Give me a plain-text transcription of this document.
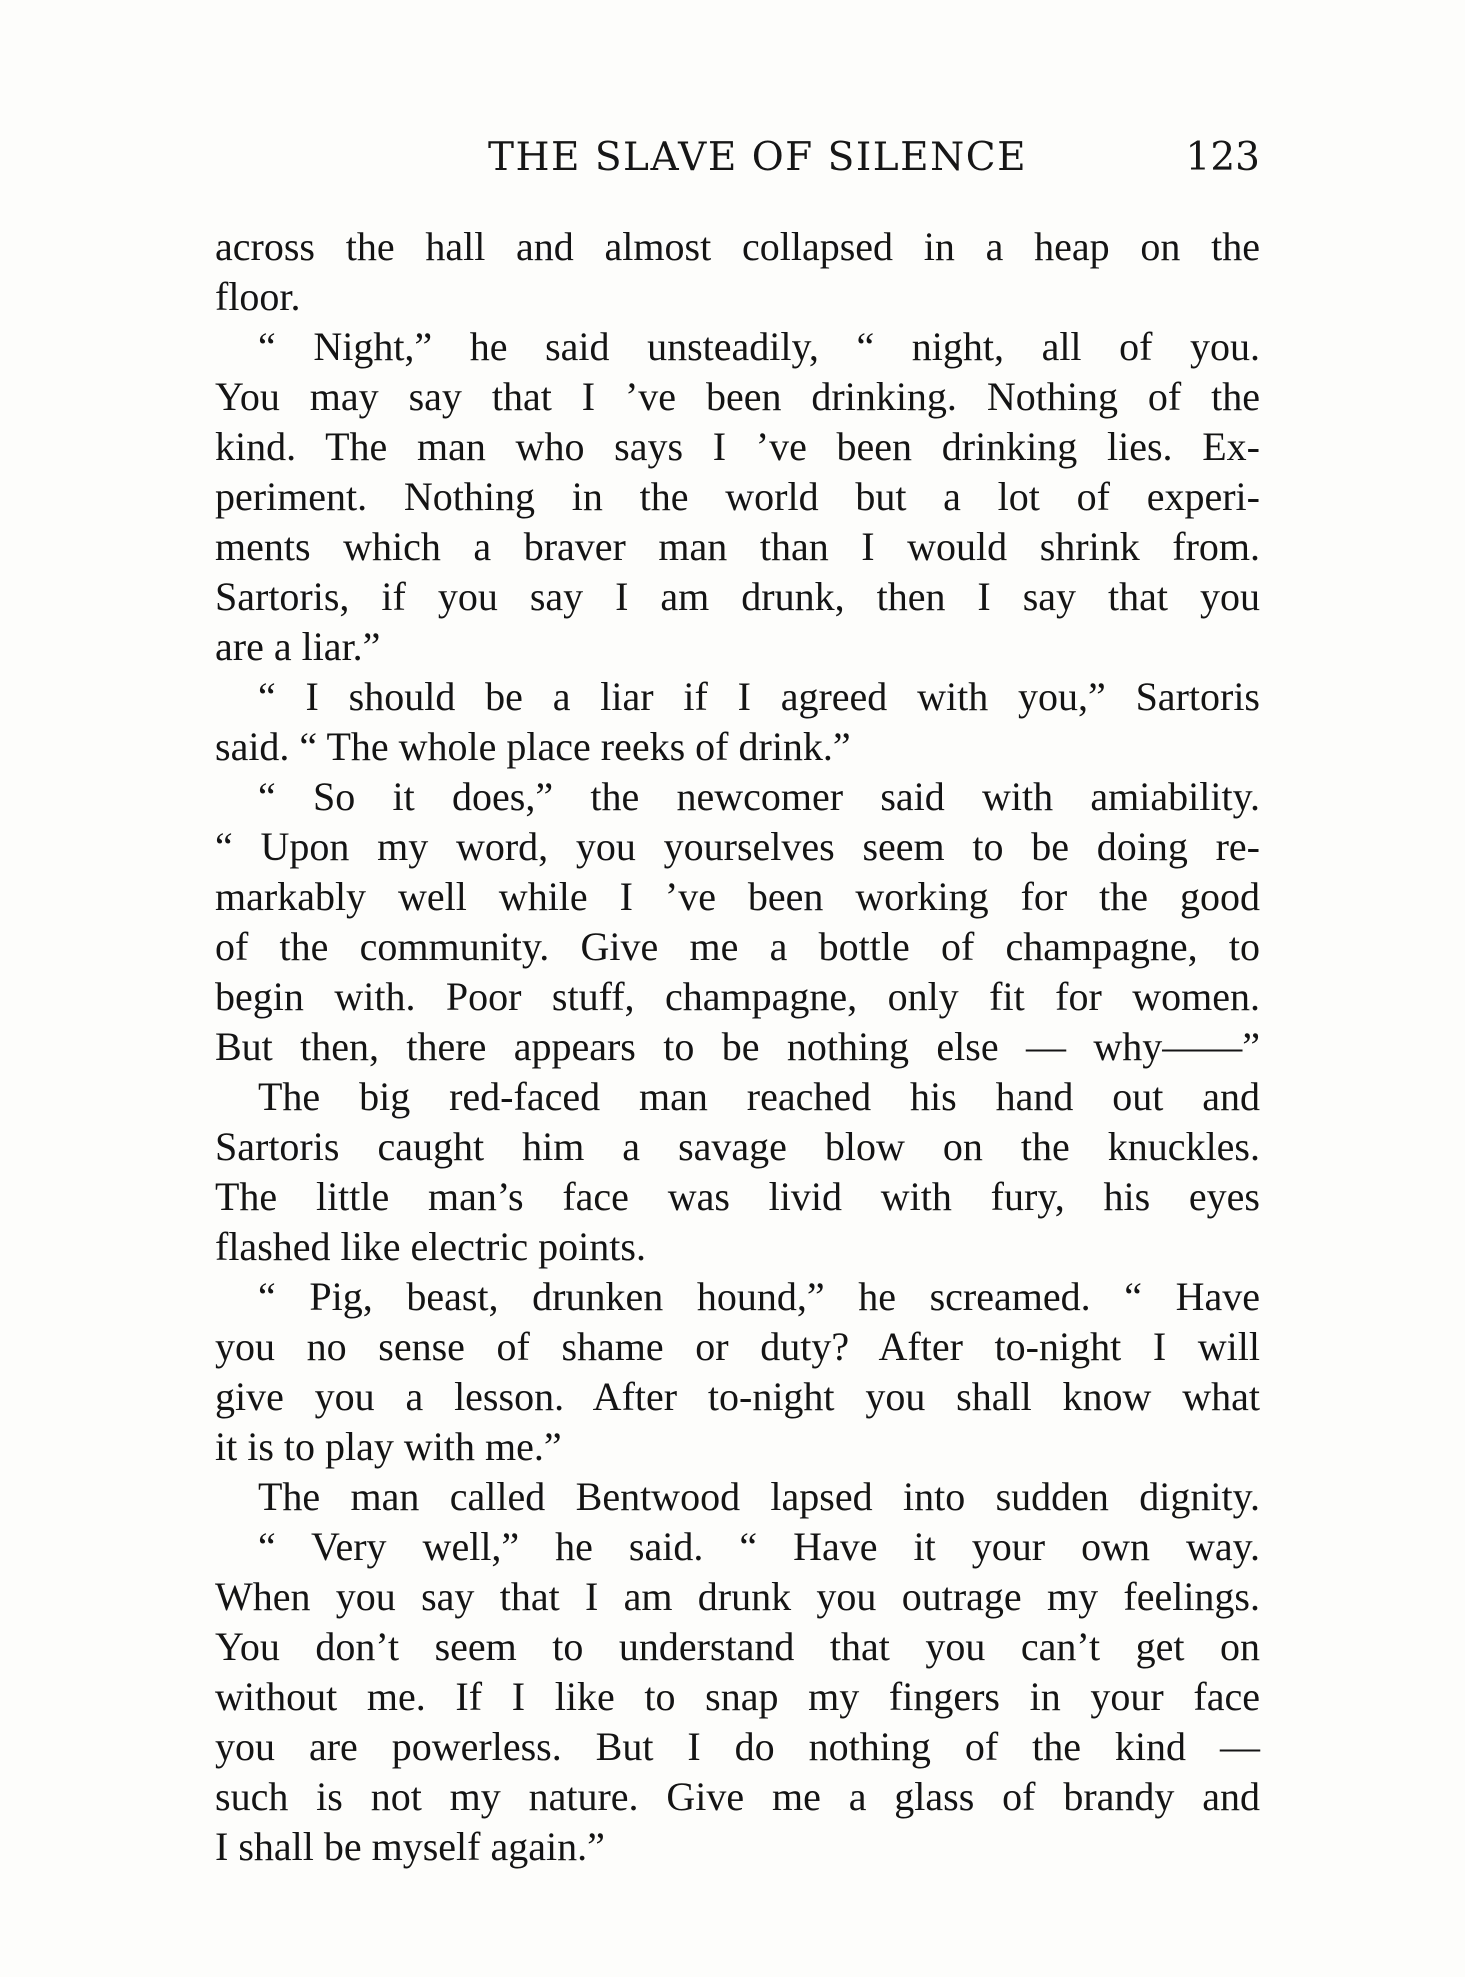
THE SLAVE OF SILENCE	123
across the hall and almost collapsed in a heap on the
floor.
“ Night,” he said unsteadily, “ night, all of you.
You may say that I ’ve been drinking. Nothing of the
kind. The man who says I ’ve been drinking lies. Ex-
periment. Nothing in the world but a lot of experi-
ments which a braver man than I would shrink from.
Sartoris, if you say I am drunk, then I say that you
are a liar.”
“ I should be a liar if I agreed with you,” Sartoris
said. “ The whole place reeks of drink.”
“ So it does,” the newcomer said with amiability.
“ Upon my word, you yourselves seem to be doing re-
markably well while I ’ve been working for the good
of the community. Give me a bottle of champagne, to
begin with. Poor stuff, champagne, only fit for women.
But then, there appears to be nothing else — why——”
The big red-faced man reached his hand out and
Sartoris caught him a savage blow on the knuckles.
The little man’s face was livid with fury, his eyes
flashed like electric points.
“ Pig, beast, drunken hound,” he screamed. “ Have
you no sense of shame or duty? After to-night I will
give you a lesson. After to-night you shall know what
it is to play with me.”
The man called Bentwood lapsed into sudden dignity.
“ Very well,” he said. “ Have it your own way.
When you say that I am drunk you outrage my feelings.
You don’t seem to understand that you can’t get on
without me. If I like to snap my fingers in your face
you are powerless. But I do nothing of the kind —
such is not my nature. Give me a glass of brandy and
I shall be myself again.”
